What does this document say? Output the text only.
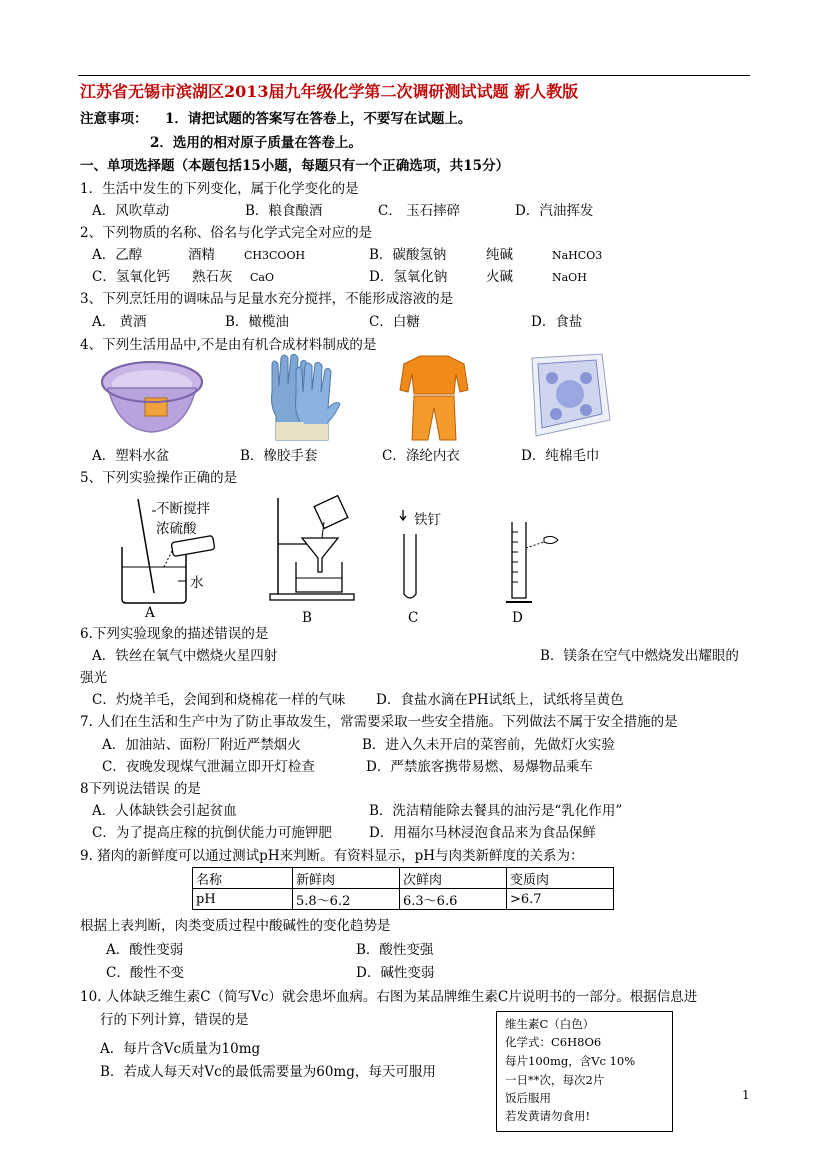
江苏省无锡市滨湖区2013届九年级化学第二次调研测试试题 新人教版
注意事项： 1．请把试题的答案写在答卷上，不要写在试题上。
2．选用的相对原子质量在答卷上。
一、单项选择题（本题包括15小题，每题只有一个正确选项，共15分）
1．生活中发生的下列变化，属于化学变化的是
A．风吹草动	B．粮食酿酒	C． 玉石摔碎	D．汽油挥发
2、下列物质的名称、俗名与化学式完全对应的是
A．乙醇	酒精	CH3COOH	B．碳酸氢钠	纯碱	NaHCO3
C．氢氧化钙 熟石灰 CaO	D．氢氧化钠	火碱	NaOH
3、下列烹饪用的调味品与足量水充分搅拌，不能形成溶液的是
A． 黄酒	B．橄榄油	C．白糖	D．食盐
4、下列生活用品中,不是由有机合成材料制成的是
A．塑料水盆	B．橡胶手套	C．涤纶内衣	D．纯棉毛巾
5、下列实验操作正确的是
不断搅拌
浓硫酸
水
A	B
铁钉
C	D
6.下列实验现象的描述错误的是
A．铁丝在氧气中燃烧火星四射	B．镁条在空气中燃烧发出耀眼的
强光
C．灼烧羊毛，会闻到和烧棉花一样的气味 D．食盐水滴在PH试纸上，试纸将呈黄色
7. 人们在生活和生产中为了防止事故发生，常需要采取一些安全措施。下列做法不属于安全措施的是
A．加油站、面粉厂附近严禁烟火	B．进入久未开启的菜窖前，先做灯火实验
C．夜晚发现煤气泄漏立即开灯检查	D．严禁旅客携带易燃、易爆物品乘车
8下列说法错误 的是
A．人体缺铁会引起贫血	B．洗洁精能除去餐具的油污是“乳化作用”
C．为了提高庄稼的抗倒伏能力可施钾肥	D．用福尔马林浸泡食品来为食品保鲜
9. 猪肉的新鲜度可以通过测试pH来判断。有资料显示，pH与肉类新鲜度的关系为：
名称	新鲜肉	次鲜肉	变质肉
pH	5.8～6.2	6.3～6.6	>6.7
根据上表判断，肉类变质过程中酸碱性的变化趋势是
A．酸性变弱	B．酸性变强
C．酸性不变	D．碱性变弱
10. 人体缺乏维生素C（简写Vc）就会患坏血病。右图为某品牌维生素C片说明书的一部分。根据信息进
行的下列计算，错误的是
A．每片含Vc质量为10mg
B．若成人每天对Vc的最低需要量为60mg，每天可服用
维生素C（白色）
化学式：C6H8O6
每片100mg，含Vc 10%
一日**次，每次2片
饭后服用
若发黄请勿食用!
1
